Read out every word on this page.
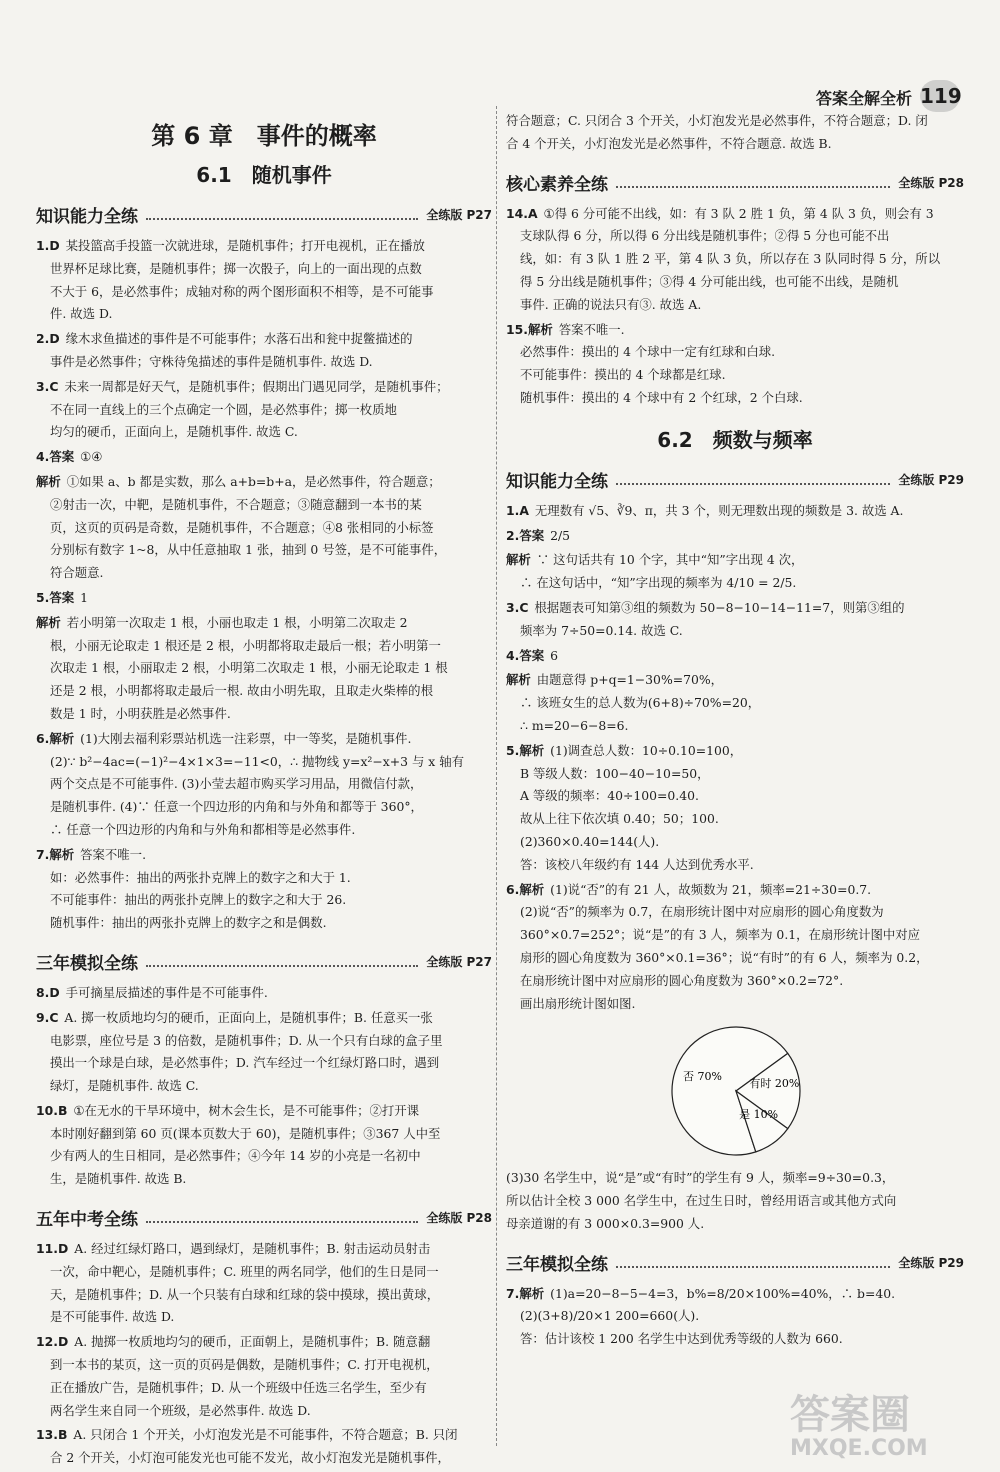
答案全解全析 119
第 6 章　事件的概率
6.1　随机事件
知识能力全练	全练版 P27
1.D 某投篮高手投篮一次就进球，是随机事件；打开电视机，正在播放
世界杯足球比赛，是随机事件；掷一次骰子，向上的一面出现的点数
不大于 6，是必然事件；成轴对称的两个图形面积不相等，是不可能事
件. 故选 D.
2.D 缘木求鱼描述的事件是不可能事件；水落石出和瓮中捉鳖描述的
事件是必然事件；守株待兔描述的事件是随机事件. 故选 D.
3.C 未来一周都是好天气，是随机事件；假期出门遇见同学，是随机事件；
不在同一直线上的三个点确定一个圆，是必然事件；掷一枚质地
均匀的硬币，正面向上，是随机事件. 故选 C.
4.答案 ①④
解析 ①如果 a、b 都是实数，那么 a+b=b+a，是必然事件，符合题意；
②射击一次，中靶，是随机事件，不合题意；③随意翻到一本书的某
页，这页的页码是奇数，是随机事件，不合题意；④8 张相同的小标签
分别标有数字 1~8，从中任意抽取 1 张，抽到 0 号签，是不可能事件，
符合题意.
5.答案 1
解析 若小明第一次取走 1 根，小丽也取走 1 根，小明第二次取走 2
根，小丽无论取走 1 根还是 2 根，小明都将取走最后一根；若小明第一
次取走 1 根，小丽取走 2 根，小明第二次取走 1 根，小丽无论取走 1 根
还是 2 根，小明都将取走最后一根. 故由小明先取，且取走火柴棒的根
数是 1 时，小明获胜是必然事件.
6.解析 (1)大刚去福利彩票站机选一注彩票，中一等奖，是随机事件.
(2)∵ b²−4ac=(−1)²−4×1×3=−11<0，∴ 抛物线 y=x²−x+3 与 x 轴有
两个交点是不可能事件. (3)小莹去超市购买学习用品，用微信付款，
是随机事件. (4)∵ 任意一个四边形的内角和与外角和都等于 360°，
∴ 任意一个四边形的内角和与外角和都相等是必然事件.
7.解析 答案不唯一.
如：必然事件：抽出的两张扑克牌上的数字之和大于 1.
不可能事件：抽出的两张扑克牌上的数字之和大于 26.
随机事件：抽出的两张扑克牌上的数字之和是偶数.
三年模拟全练	全练版 P27
8.D 手可摘星辰描述的事件是不可能事件.
9.C A. 掷一枚质地均匀的硬币，正面向上，是随机事件；B. 任意买一张
电影票，座位号是 3 的倍数，是随机事件；D. 从一个只有白球的盒子里
摸出一个球是白球，是必然事件；D. 汽车经过一个红绿灯路口时，遇到
绿灯，是随机事件. 故选 C.
10.B ①在无水的干旱环境中，树木会生长，是不可能事件；②打开课
本时刚好翻到第 60 页(课本页数大于 60)，是随机事件；③367 人中至
少有两人的生日相同，是必然事件；④今年 14 岁的小亮是一名初中
生，是随机事件. 故选 B.
五年中考全练	全练版 P28
11.D A. 经过红绿灯路口，遇到绿灯，是随机事件；B. 射击运动员射击
一次，命中靶心，是随机事件；C. 班里的两名同学，他们的生日是同一
天，是随机事件；D. 从一个只装有白球和红球的袋中摸球，摸出黄球，
是不可能事件. 故选 D.
12.D A. 抛掷一枚质地均匀的硬币，正面朝上，是随机事件；B. 随意翻
到一本书的某页，这一页的页码是偶数，是随机事件；C. 打开电视机，
正在播放广告，是随机事件；D. 从一个班级中任选三名学生，至少有
两名学生来自同一个班级，是必然事件. 故选 D.
13.B A. 只闭合 1 个开关，小灯泡发光是不可能事件，不符合题意；B. 只闭
合 2 个开关，小灯泡可能发光也可能不发光，故小灯泡发光是随机事件，
符合题意；C. 只闭合 3 个开关，小灯泡发光是必然事件，不符合题意；D. 闭
合 4 个开关，小灯泡发光是必然事件，不符合题意. 故选 B.
核心素养全练	全练版 P28
14.A ①得 6 分可能不出线，如：有 3 队 2 胜 1 负，第 4 队 3 负，则会有 3
支球队得 6 分，所以得 6 分出线是随机事件；②得 5 分也可能不出
线，如：有 3 队 1 胜 2 平，第 4 队 3 负，所以存在 3 队同时得 5 分，所以
得 5 分出线是随机事件；③得 4 分可能出线，也可能不出线，是随机
事件. 正确的说法只有③. 故选 A.
15.解析 答案不唯一.
必然事件：摸出的 4 个球中一定有红球和白球.
不可能事件：摸出的 4 个球都是红球.
随机事件：摸出的 4 个球中有 2 个红球，2 个白球.
6.2　频数与频率
知识能力全练	全练版 P29
1.A 无理数有 √5、∛9、π，共 3 个，则无理数出现的频数是 3. 故选 A.
2.答案 2/5
解析 ∵ 这句话共有 10 个字，其中“知”字出现 4 次，
∴ 在这句话中，“知”字出现的频率为 4/10 = 2/5.
3.C 根据题表可知第③组的频数为 50−8−10−14−11=7，则第③组的
频率为 7÷50=0.14. 故选 C.
4.答案 6
解析 由题意得 p+q=1−30%=70%，
∴ 该班女生的总人数为(6+8)÷70%=20，
∴ m=20−6−8=6.
5.解析 (1)调查总人数：10÷0.10=100，
B 等级人数：100−40−10=50，
A 等级的频率：40÷100=0.40.
故从上往下依次填 0.40；50；100.
(2)360×0.40=144(人).
答：该校八年级约有 144 人达到优秀水平.
6.解析 (1)说“否”的有 21 人，故频数为 21，频率=21÷30=0.7.
(2)说“否”的频率为 0.7，在扇形统计图中对应扇形的圆心角度数为
360°×0.7=252°；说“是”的有 3 人，频率为 0.1，在扇形统计图中对应
扇形的圆心角度数为 360°×0.1=36°；说“有时”的有 6 人，频率为 0.2，
在扇形统计图中对应扇形的圆心角度数为 360°×0.2=72°.
画出扇形统计图如图.
否 70%
有时 20%
是 10%
(3)30 名学生中，说“是”或“有时”的学生有 9 人，频率=9÷30=0.3，
所以估计全校 3 000 名学生中，在过生日时，曾经用语言或其他方式向
母亲道谢的有 3 000×0.3=900 人.
三年模拟全练	全练版 P29
7.解析 (1)a=20−8−5−4=3，b%=8/20×100%=40%，∴ b=40.
(2)(3+8)/20×1 200=660(人).
答：估计该校 1 200 名学生中达到优秀等级的人数为 660.
答案圈
MXQE.COM
